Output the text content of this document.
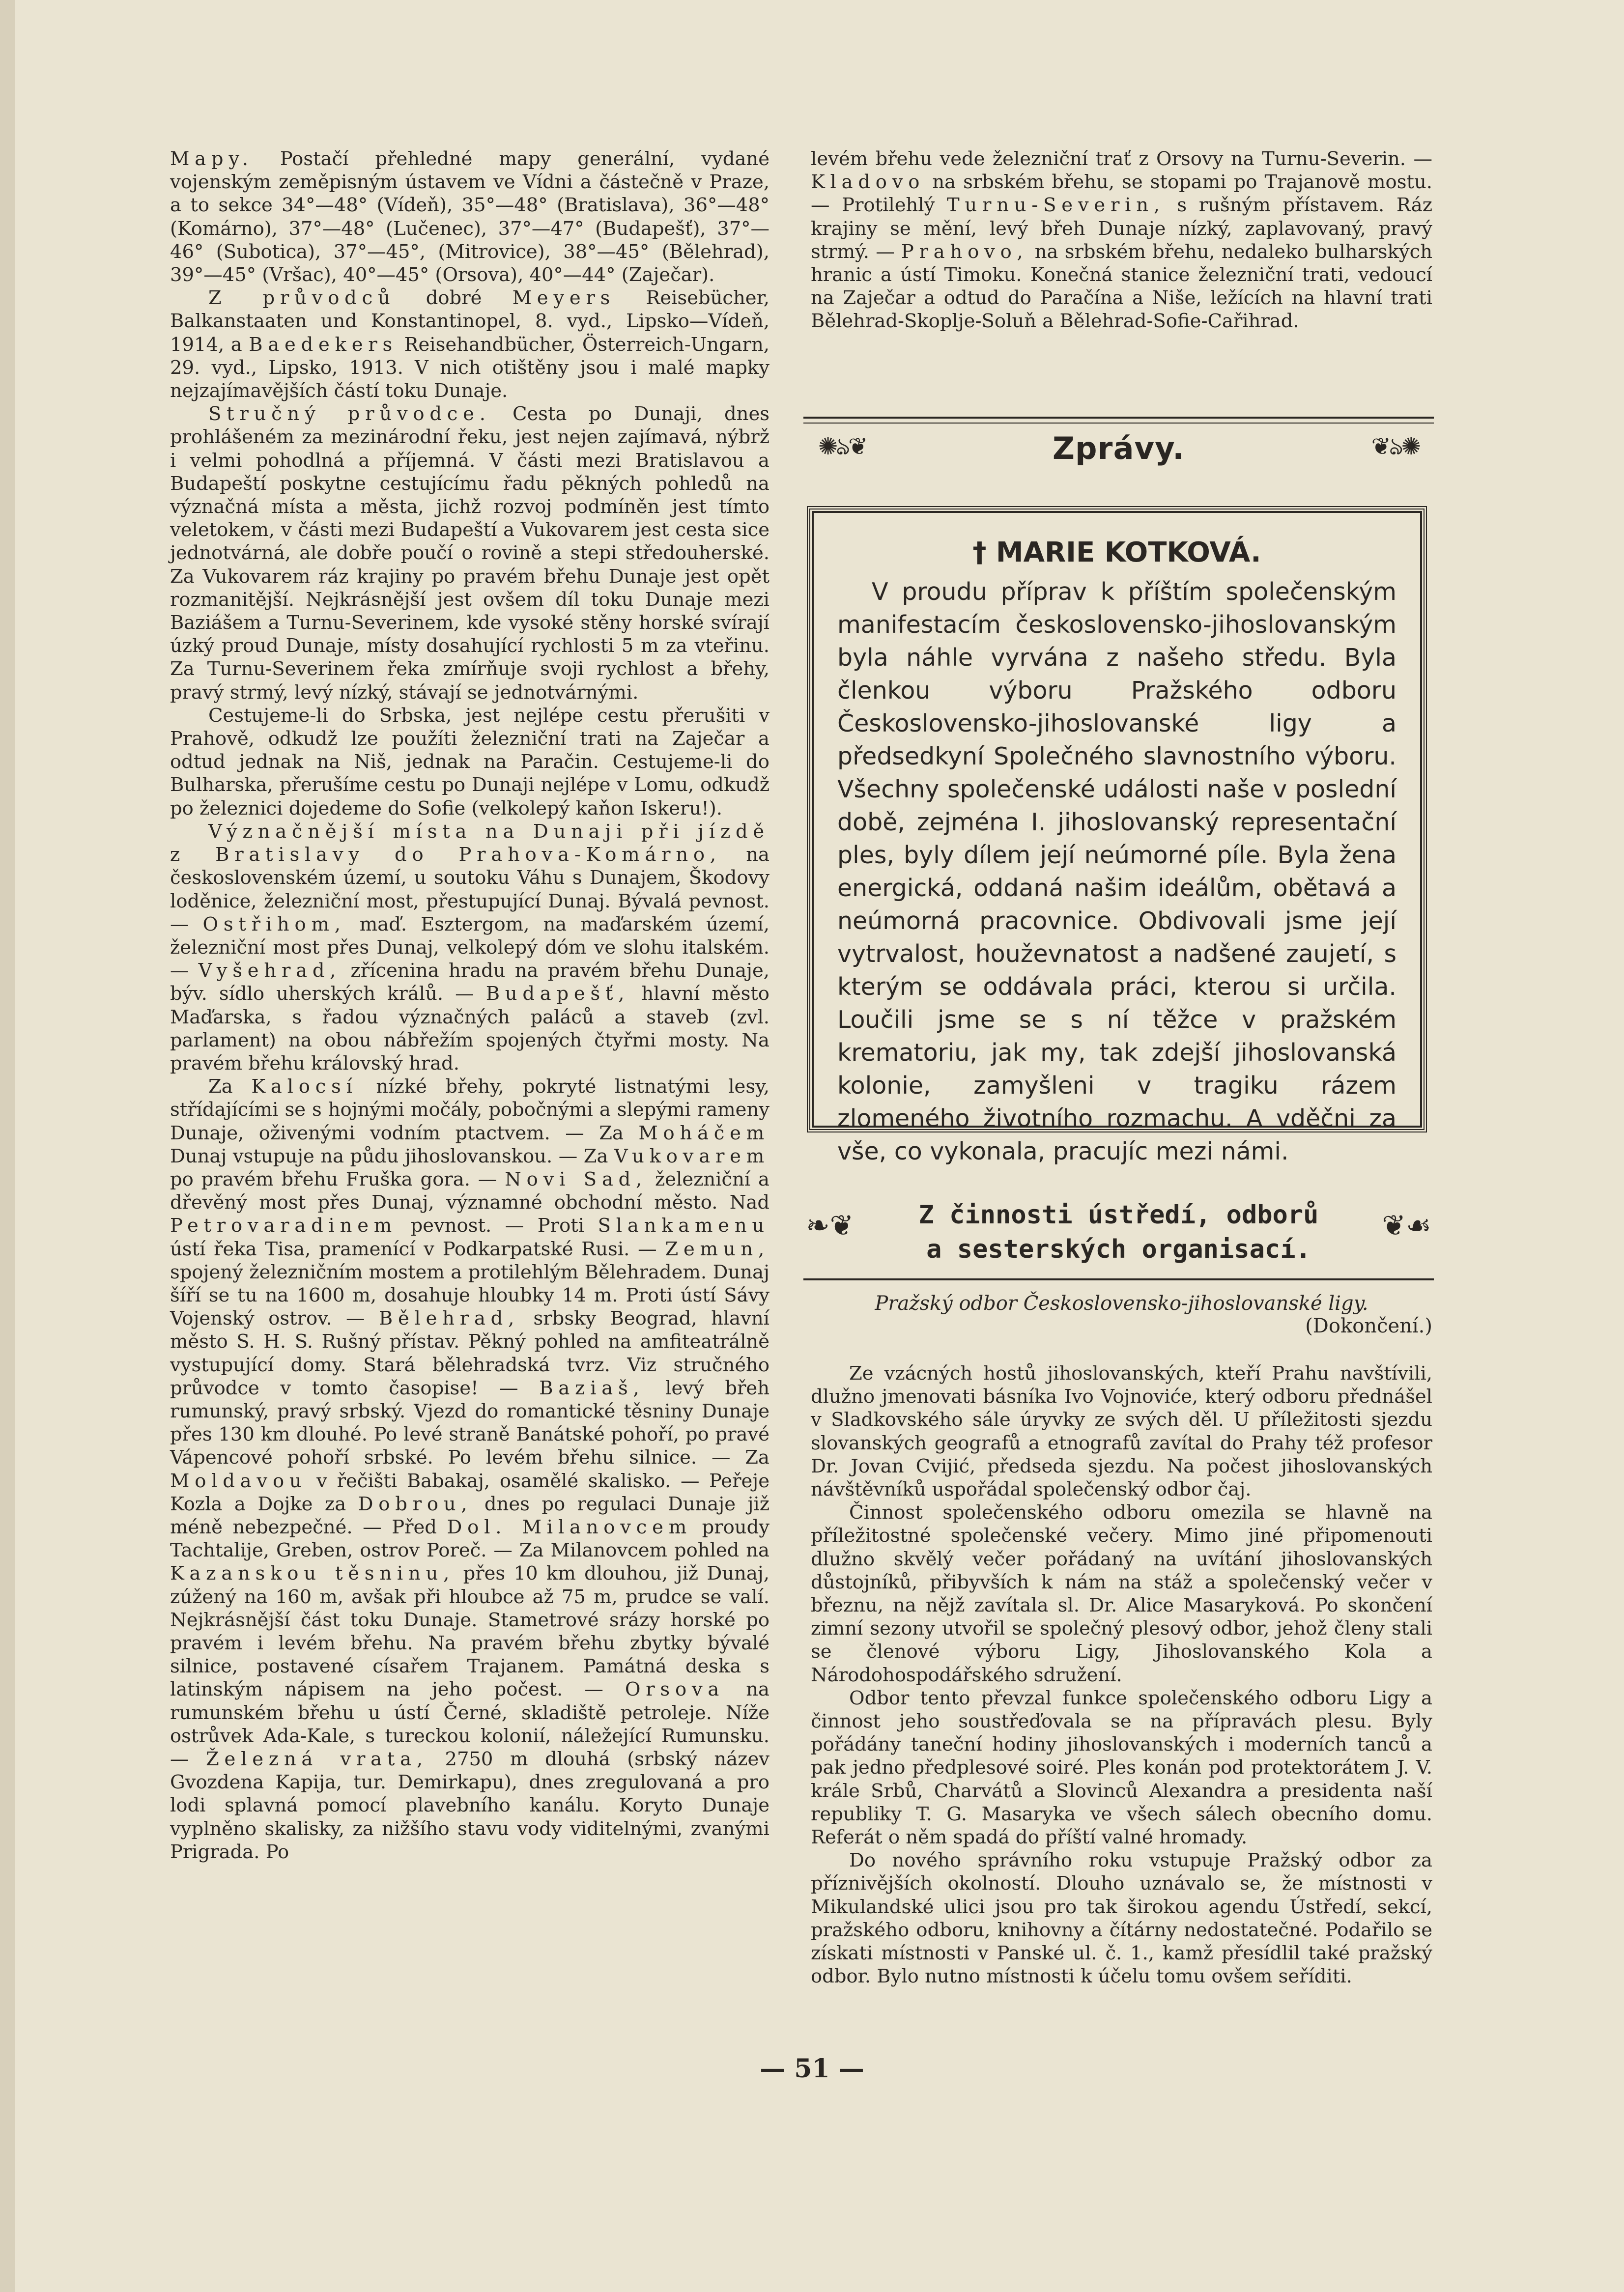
Mapy. Postačí přehledné mapy generální, vydané vojenským zeměpisným ústavem ve Vídni a částečně v Praze, a to sekce 34°—48° (Vídeň), 35°—48° (Bratislava), 36°—48° (Komárno), 37°—48° (Lučenec), 37°—47° (Budapešť), 37°—46° (Subotica), 37°—45°, (Mitrovice), 38°—45° (Bělehrad), 39°—45° (Vršac), 40°—45° (Orsova), 40°—44° (Zaječar).

Z průvodců dobré Meyers Reisebücher, Balkanstaaten und Konstantinopel, 8. vyd., Lipsko—Vídeň, 1914, a Baedekers Reisehandbücher, Österreich-Ungarn, 29. vyd., Lipsko, 1913. V nich otištěny jsou i malé mapky nejzajímavějších částí toku Dunaje.

Stručný průvodce. Cesta po Dunaji, dnes prohlášeném za mezinárodní řeku, jest nejen zajímavá, nýbrž i velmi pohodlná a příjemná. V části mezi Bratislavou a Budapeští poskytne cestujícímu řadu pěkných pohledů na význačná místa a města, jichž rozvoj podmíněn jest tímto veletokem, v části mezi Budapeští a Vukovarem jest cesta sice jednotvárná, ale dobře poučí o rovině a stepi středouherské. Za Vukovarem ráz krajiny po pravém břehu Dunaje jest opět rozmanitější. Nejkrásnější jest ovšem díl toku Dunaje mezi Baziášem a Turnu-Severinem, kde vysoké stěny horské svírají úzký proud Dunaje, místy dosahující rychlosti 5 m za vteřinu. Za Turnu-Severinem řeka zmírňuje svoji rychlost a břehy, pravý strmý, levý nízký, stávají se jednotvárnými.

Cestujeme-li do Srbska, jest nejlépe cestu přerušiti v Prahově, odkudž lze použíti železniční trati na Zaječar a odtud jednak na Niš, jednak na Paračin. Cestujeme-li do Bulharska, přerušíme cestu po Dunaji nejlépe v Lomu, odkudž po železnici dojedeme do Sofie (velkolepý kaňon Iskeru!).

Význačnější místa na Dunaji při jízdě z Bratislavy do Prahova-Komárno, na československém území, u soutoku Váhu s Dunajem, Škodovy loděnice, železniční most, přestupující Dunaj. Bývalá pevnost. — Ostřihom, maď. Esztergom, na maďarském území, železniční most přes Dunaj, velkolepý dóm ve slohu italském. — Vyšehrad, zřícenina hradu na pravém břehu Dunaje, býv. sídlo uherských králů. — Budapešť, hlavní město Maďarska, s řadou význačných paláců a staveb (zvl. parlament) na obou nábřežím spojených čtyřmi mosty. Na pravém břehu královský hrad.

Za Kalocsí nízké břehy, pokryté listnatými lesy, střídajícími se s hojnými močály, pobočnými a slepými rameny Dunaje, oživenými vodním ptactvem. — Za Moháčem Dunaj vstupuje na půdu jihoslovanskou. — Za Vukovarem po pravém břehu Fruška gora. — Novi Sad, železniční a dřevěný most přes Dunaj, významné obchodní město. Nad Petrovaradinem pevnost. — Proti Slankamenu ústí řeka Tisa, pramenící v Podkarpatské Rusi. — Zemun, spojený železničním mostem a protilehlým Bělehradem. Dunaj šíří se tu na 1600 m, dosahuje hloubky 14 m. Proti ústí Sávy Vojenský ostrov. — Bělehrad, srbsky Beograd, hlavní město S. H. S. Rušný přístav. Pěkný pohled na amfiteatrálně vystupující domy. Stará bělehradská tvrz. Viz stručného průvodce v tomto časopise! — Baziaš, levý břeh rumunský, pravý srbský. Vjezd do romantické těsniny Dunaje přes 130 km dlouhé. Po levé straně Banátské pohoří, po pravé Vápencové pohoří srbské. Po levém břehu silnice. — Za Moldavou v řečišti Babakaj, osamělé skalisko. — Peřeje Kozla a Dojke za Dobrou, dnes po regulaci Dunaje již méně nebezpečné. — Před Dol. Milanovcem proudy Tachtalije, Greben, ostrov Poreč. — Za Milanovcem pohled na Kazanskou těsninu, přes 10 km dlouhou, již Dunaj, zúžený na 160 m, avšak při hloubce až 75 m, prudce se valí. Nejkrásnější část toku Dunaje. Stametrové srázy horské po pravém i levém břehu. Na pravém břehu zbytky bývalé silnice, postavené císařem Trajanem. Památná deska s latinským nápisem na jeho počest. — Orsova na rumunském břehu u ústí Černé, skladiště petroleje. Níže ostrůvek Ada-Kale, s tureckou kolonií, náležející Rumunsku. — Železná vrata, 2750 m dlouhá (srbský název Gvozdena Kapija, tur. Demirkapu), dnes zregulovaná a pro lodi splavná pomocí plavebního kanálu. Koryto Dunaje vyplněno skalisky, za nižšího stavu vody viditelnými, zvanými Prigrada. Po

levém břehu vede železniční trať z Orsovy na Turnu-Severin. — Kladovo na srbském břehu, se stopami po Trajanově mostu. — Protilehlý Turnu-Severin, s rušným přístavem. Ráz krajiny se mění, levý břeh Dunaje nízký, zaplavovaný, pravý strmý. — Prahovo, na srbském břehu, nedaleko bulharských hranic a ústí Timoku. Konečná stanice železniční trati, vedoucí na Zaječar a odtud do Paračína a Niše, ležících na hlavní trati Bělehrad-Skoplje-Soluň a Bělehrad-Sofie-Cařihrad.

✺ঌ❦	Zprávy.	❦ঌ✺
† MARIE KOTKOVÁ.
V proudu příprav k příštím společenským manifestacím československo-jihoslovanským byla náhle vyrvána z našeho středu. Byla členkou výboru Pražského odboru Československo-jihoslovanské ligy a předsedkyní Společného slavnostního výboru. Všechny společenské události naše v poslední době, zejména I. jihoslovanský representační ples, byly dílem její neúmorné píle. Byla žena energická, oddaná našim ideálům, obětavá a neúmorná pracovnice. Obdivovali jsme její vytrvalost, houževnatost a nadšené zaujetí, s kterým se oddávala práci, kterou si určila. Loučili jsme se s ní těžce v pražském krematoriu, jak my, tak zdejší jihoslovanská kolonie, zamyšleni v tragiku rázem zlomeného životního rozmachu. A vděčni za vše, co vykonala, pracujíc mezi námi.
❧❦	Z činnosti ústředí, odborů
a sesterských organisací.
❦☙
Pražský odbor Československo-jihoslovanské ligy.
(Dokončení.)

Ze vzácných hostů jihoslovanských, kteří Prahu navštívili, dlužno jmenovati básníka Ivo Vojnoviće, který odboru přednášel v Sladkovského sále úryvky ze svých děl. U příležitosti sjezdu slovanských geografů a etnografů zavítal do Prahy též profesor Dr. Jovan Cvijić, předseda sjezdu. Na počest jihoslovanských návštěvníků uspořádal společenský odbor čaj.

Činnost společenského odboru omezila se hlavně na příležitostné společenské večery. Mimo jiné připomenouti dlužno skvělý večer pořádaný na uvítání jihoslovanských důstojníků, přibyvších k nám na stáž a společenský večer v březnu, na nějž zavítala sl. Dr. Alice Masaryková. Po skončení zimní sezony utvořil se společný plesový odbor, jehož členy stali se členové výboru Ligy, Jihoslovanského Kola a Národohospodářského sdružení.

Odbor tento převzal funkce společenského odboru Ligy a činnost jeho soustřeďovala se na přípravách plesu. Byly pořádány taneční hodiny jihoslovanských i moderních tanců a pak jedno předplesové soiré. Ples konán pod protektorátem J. V. krále Srbů, Charvátů a Slovinců Alexandra a presidenta naší republiky T. G. Masaryka ve všech sálech obecního domu. Referát o něm spadá do příští valné hromady.

Do nového správního roku vstupuje Pražský odbor za příznivějších okolností. Dlouho uznávalo se, že místnosti v Mikulandské ulici jsou pro tak širokou agendu Ústředí, sekcí, pražského odboru, knihovny a čítárny nedostatečné. Podařilo se získati místnosti v Panské ul. č. 1., kamž přesídlil také pražský odbor. Bylo nutno místnosti k účelu tomu ovšem seříditi.

— 51 —
